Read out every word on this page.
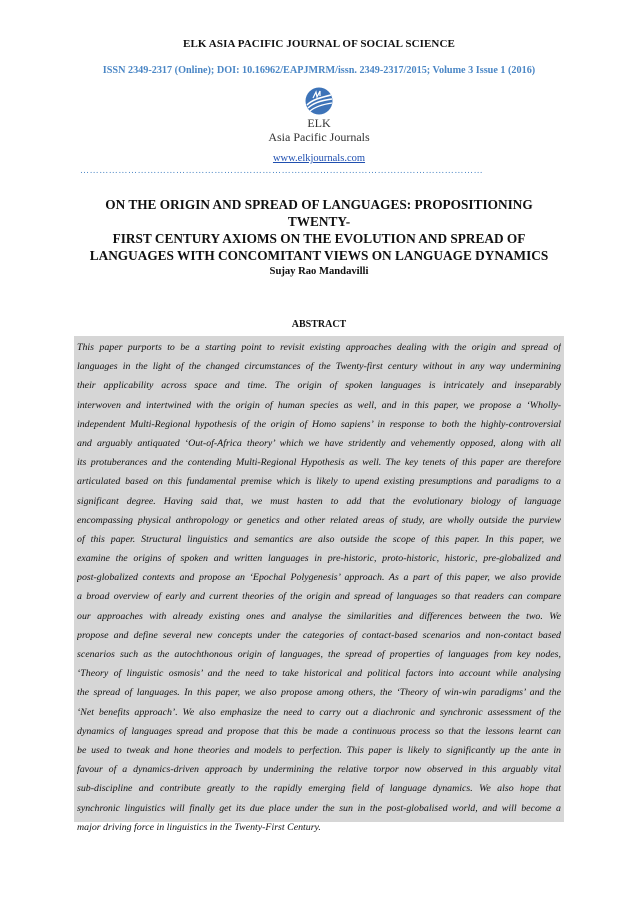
ELK ASIA PACIFIC JOURNAL OF SOCIAL SCIENCE
ISSN 2349-2317 (Online); DOI: 10.16962/EAPJMRM/issn. 2349-2317/2015; Volume 3 Issue 1 (2016)
ELK
Asia Pacific Journals
www.elkjournals.com
………………………………………………………………………………………………………………
ON THE ORIGIN AND SPREAD OF LANGUAGES: PROPOSITIONING TWENTY-
FIRST CENTURY AXIOMS ON THE EVOLUTION AND SPREAD OF
LANGUAGES WITH CONCOMITANT VIEWS ON LANGUAGE DYNAMICS
Sujay Rao Mandavilli
ABSTRACT
This paper purports to be a starting point to revisit existing approaches dealing with the origin and spread of
languages in the light of the changed circumstances of the Twenty-first century without in any way undermining
their applicability across space and time. The origin of spoken languages is intricately and inseparably
interwoven and intertwined with the origin of human species as well, and in this paper, we propose a ‘Wholly-
independent Multi-Regional hypothesis of the origin of Homo sapiens’ in response to both the highly-controversial
and arguably antiquated ‘Out-of-Africa theory’ which we have stridently and vehemently opposed, along with all
its protuberances and the contending Multi-Regional Hypothesis as well. The key tenets of this paper are therefore
articulated based on this fundamental premise which is likely to upend existing presumptions and paradigms to a
significant degree. Having said that, we must hasten to add that the evolutionary biology of language
encompassing physical anthropology or genetics and other related areas of study, are wholly outside the purview
of this paper. Structural linguistics and semantics are also outside the scope of this paper. In this paper, we
examine the origins of spoken and written languages in pre-historic, proto-historic, historic, pre-globalized and
post-globalized contexts and propose an ‘Epochal Polygenesis’ approach. As a part of this paper, we also provide
a broad overview of early and current theories of the origin and spread of languages so that readers can compare
our approaches with already existing ones and analyse the similarities and differences between the two. We
propose and define several new concepts under the categories of contact-based scenarios and non-contact based
scenarios such as the autochthonous origin of languages, the spread of properties of languages from key nodes,
‘Theory of linguistic osmosis’ and the need to take historical and political factors into account while analysing
the spread of languages. In this paper, we also propose among others, the ‘Theory of win-win paradigms’ and the
‘Net benefits approach’. We also emphasize the need to carry out a diachronic and synchronic assessment of the
dynamics of languages spread and propose that this be made a continuous process so that the lessons learnt can
be used to tweak and hone theories and models to perfection. This paper is likely to significantly up the ante in
favour of a dynamics-driven approach by undermining the relative torpor now observed in this arguably vital
sub-discipline and contribute greatly to the rapidly emerging field of language dynamics. We also hope that
synchronic linguistics will finally get its due place under the sun in the post-globalised world, and will become a
major driving force in linguistics in the Twenty-First Century.
